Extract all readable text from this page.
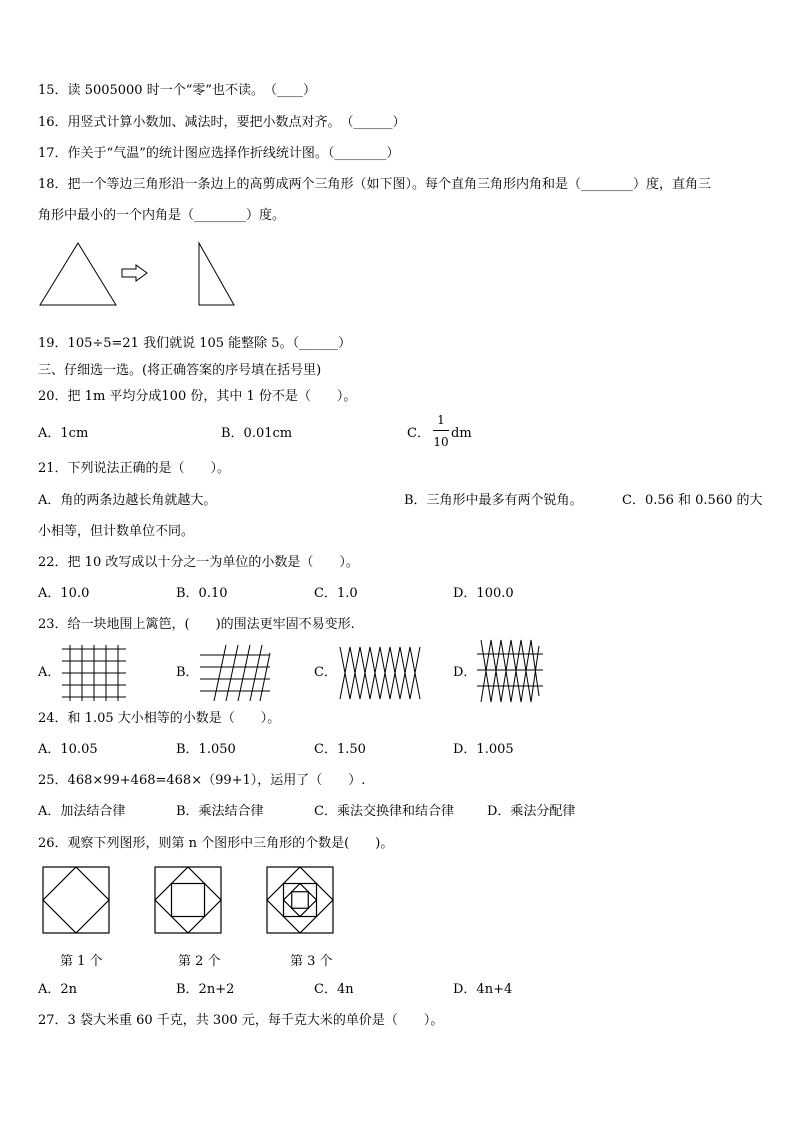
15．读 5005000 时一个“零”也不读。　（____）
16．用竖式计算小数加、减法时，要把小数点对齐。　（______）
17．作关于“气温”的统计图应选择作折线统计图。（________）
18．把一个等边三角形沿一条边上的高剪成两个三角形（如下图）。每个直角三角形内角和是（________）度，直角三
角形中最小的一个内角是（________）度。
19．105÷5=21 我们就说 105 能整除 5。（______）
三、仔细选一选。(将正确答案的序号填在括号里)
20．把 1m 平均分成100 份，其中 1 份不是（　　）。
A．1cm	B．0.01cm	C．
1
10
dm
21．下列说法正确的是（　　）。
A．角的两条边越长角就越大。	B．三角形中最多有两个锐角。	C．0.56 和 0.560 的大
小相等，但计数单位不同。
22．把 10 改写成以十分之一为单位的小数是（　　）。
A．10.0	B．0.10	C．1.0	D．100.0
23．给一块地围上篱笆，(　　)的围法更牢固不易变形.
A．	B．	C．	D．
24．和 1.05 大小相等的小数是（　　）。
A．10.05	B．1.050	C．1.50	D．1.005
25．468×99+468=468×（99+1），运用了（　　）.
A．加法结合律	B．乘法结合律	C．乘法交换律和结合律	D．乘法分配律
26．观察下列图形，则第 n 个图形中三角形的个数是(　　)。
第 1 个	第 2 个	第 3 个
A．2n	B．2n+2	C．4n	D．4n+4
27．3 袋大米重 60 千克，共 300 元，每千克大米的单价是（　　）。
